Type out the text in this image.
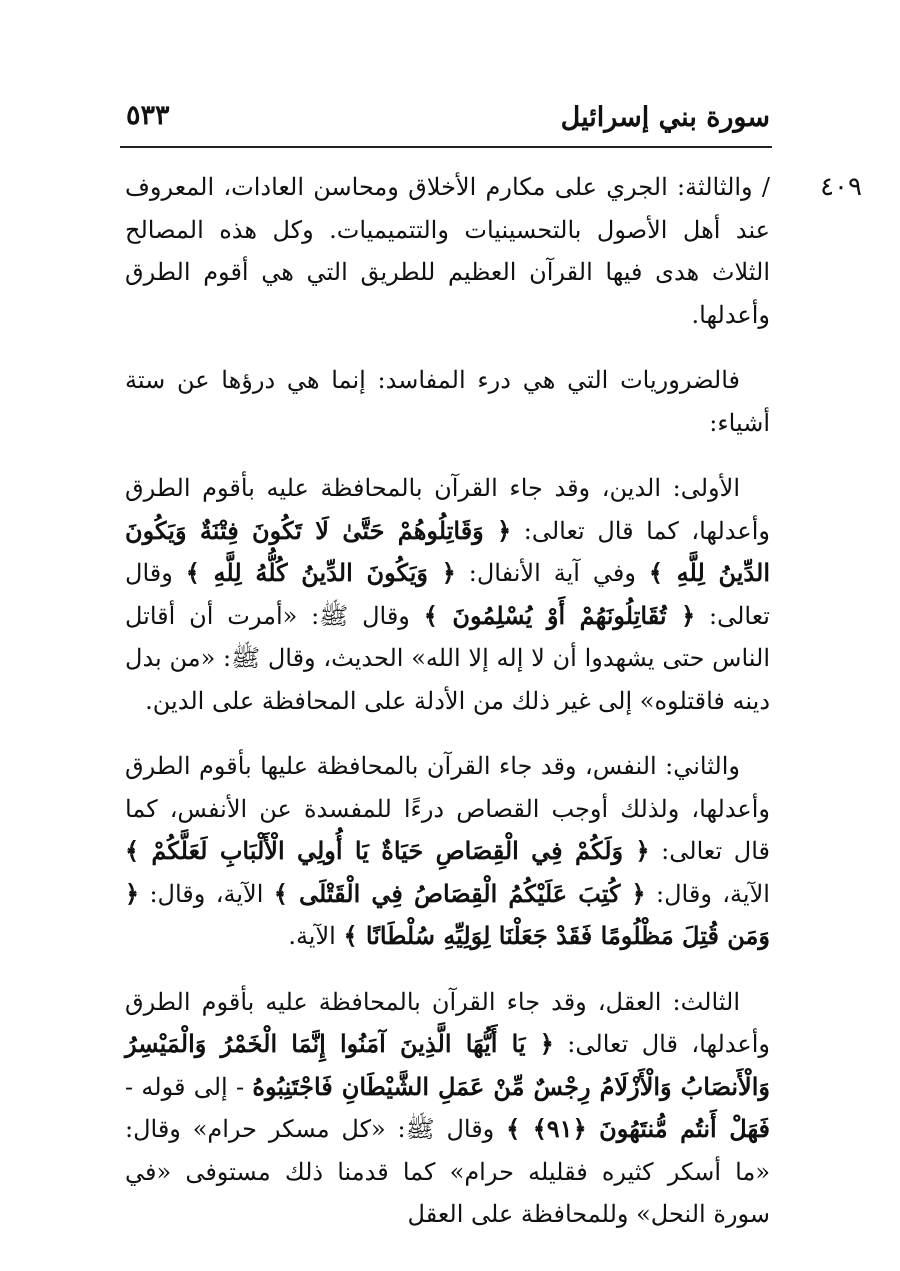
سورة بني إسرائيل
٥٣٣
٤٠٩

/ والثالثة: الجري على مكارم الأخلاق ومحاسن العادات، المعروف عند أهل الأصول بالتحسينيات والتتميميات. وكل هذه المصالح الثلاث هدى فيها القرآن العظيم للطريق التي هي أقوم الطرق وأعدلها.

فالضروريات التي هي درء المفاسد: إنما هي درؤها عن ستة أشياء:

الأولى: الدين، وقد جاء القرآن بالمحافظة عليه بأقوم الطرق وأعدلها، كما قال تعالى: ﴿ وَقَاتِلُوهُمْ حَتَّىٰ لَا تَكُونَ فِتْنَةٌ وَيَكُونَ الدِّينُ لِلَّهِ ﴾ وفي آية الأنفال: ﴿ وَيَكُونَ الدِّينُ كُلُّهُ لِلَّهِ ﴾ وقال تعالى: ﴿ تُقَاتِلُونَهُمْ أَوْ يُسْلِمُونَ ﴾ وقال ﷺ: «أمرت أن أقاتل الناس حتى يشهدوا أن لا إله إلا الله» الحديث، وقال ﷺ: «من بدل دينه فاقتلوه» إلى غير ذلك من الأدلة على المحافظة على الدين.

والثاني: النفس، وقد جاء القرآن بالمحافظة عليها بأقوم الطرق وأعدلها، ولذلك أوجب القصاص درءًا للمفسدة عن الأنفس، كما قال تعالى: ﴿ وَلَكُمْ فِي الْقِصَاصِ حَيَاةٌ يَا أُولِي الْأَلْبَابِ لَعَلَّكُمْ ﴾ الآية، وقال: ﴿ كُتِبَ عَلَيْكُمُ الْقِصَاصُ فِي الْقَتْلَى ﴾ الآية، وقال: ﴿ وَمَن قُتِلَ مَظْلُومًا فَقَدْ جَعَلْنَا لِوَلِيِّهِ سُلْطَانًا ﴾ الآية.

الثالث: العقل، وقد جاء القرآن بالمحافظة عليه بأقوم الطرق وأعدلها، قال تعالى: ﴿ يَا أَيُّهَا الَّذِينَ آمَنُوا إِنَّمَا الْخَمْرُ وَالْمَيْسِرُ وَالْأَنصَابُ وَالْأَزْلَامُ رِجْسٌ مِّنْ عَمَلِ الشَّيْطَانِ فَاجْتَنِبُوهُ - إلى قوله - فَهَلْ أَنتُم مُّنتَهُونَ ﴿٩١﴾ ﴾ وقال ﷺ: «كل مسكر حرام» وقال: «ما أسكر كثيره فقليله حرام» كما قدمنا ذلك مستوفى «في سورة النحل» وللمحافظة على العقل
